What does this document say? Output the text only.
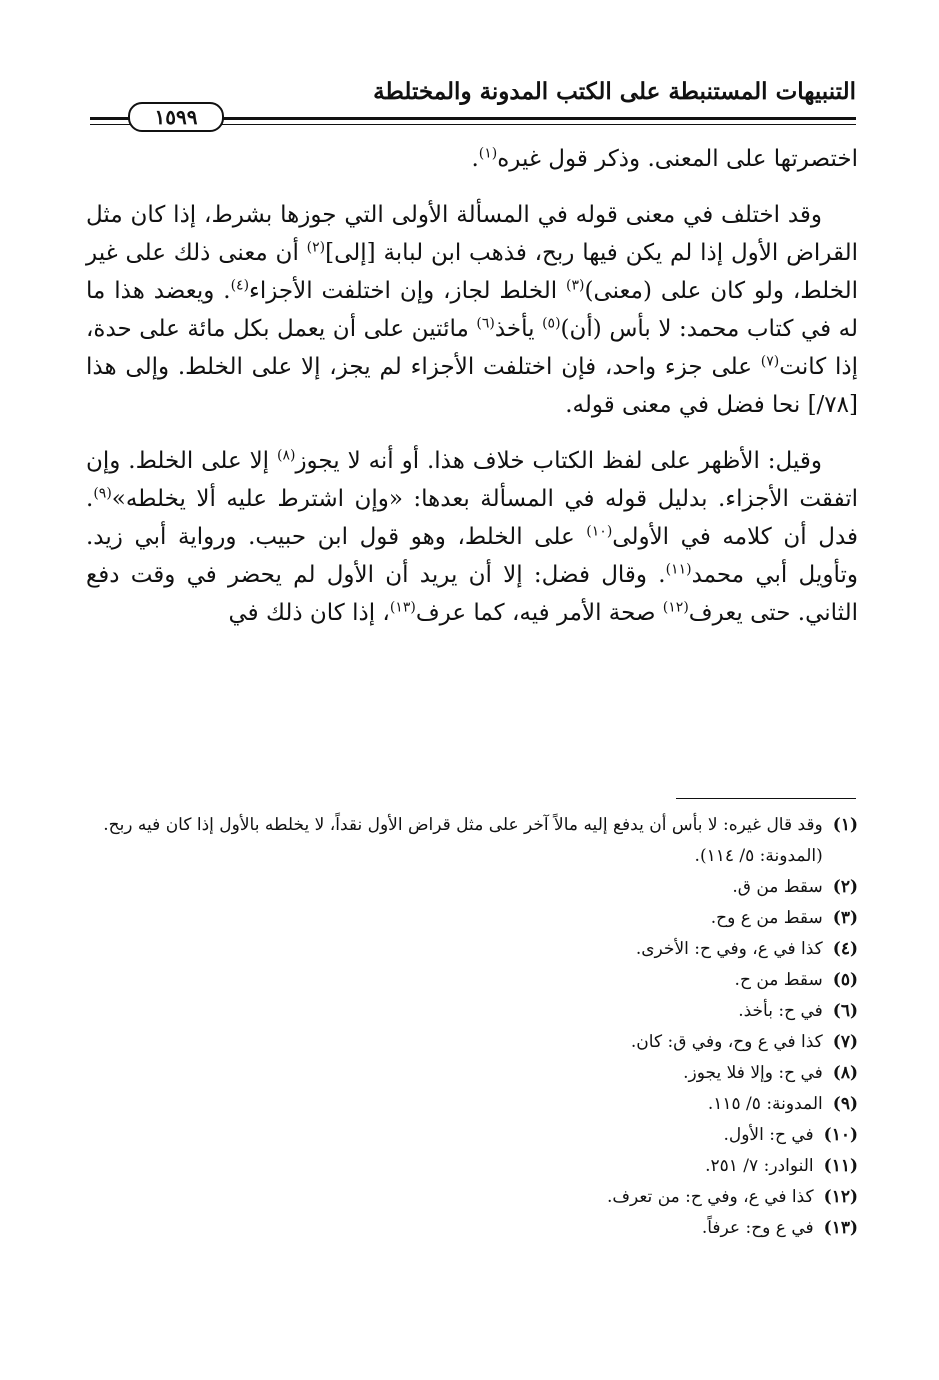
التنبيهات المستنبطة على الكتب المدونة والمختلطة
١٥٩٩

اختصرتها على المعنى. وذكر قول غيره$^{(١)}$.

وقد اختلف في معنى قوله في المسألة الأولى التي جوزها بشرط، إذا كان مثل القراض الأول إذا لم يكن فيها ربح، فذهب ابن لبابة [إلى]$^{(٢)}$ أن معنى ذلك على غير الخلط، ولو كان على (معنى)$^{(٣)}$ الخلط لجاز، وإن اختلفت الأجزاء$^{(٤)}$. ويعضد هذا ما له في كتاب محمد: لا بأس (أن)$^{(٥)}$ يأخذ$^{(٦)}$ مائتين على أن يعمل بكل مائة على حدة، إذا كانت$^{(٧)}$ على جزء واحد، فإن اختلفت الأجزاء لم يجز، إلا على الخلط. وإلى هذا [٧٨/] نحا فضل في معنى قوله.

وقيل: الأظهر على لفظ الكتاب خلاف هذا. أو أنه لا يجوز$^{(٨)}$ إلا على الخلط. وإن اتفقت الأجزاء. بدليل قوله في المسألة بعدها: «وإن اشترط عليه ألا يخلطه»$^{(٩)}$. فدل أن كلامه في الأولى$^{(١٠)}$ على الخلط، وهو قول ابن حبيب. ورواية أبي زيد. وتأويل أبي محمد$^{(١١)}$. وقال فضل: إلا أن يريد أن الأول لم يحضر في وقت دفع الثاني. حتى يعرف$^{(١٢)}$ صحة الأمر فيه، كما عرف$^{(١٣)}$، إذا كان ذلك في

(١)
وقد قال غيره: لا بأس أن يدفع إليه مالاً آخر على مثل قراض الأول نقداً، لا يخلطه بالأول إذا كان فيه ربح. (المدونة: ٥/ ١١٤).
(٢)
سقط من ق.
(٣)
سقط من ع وح.
(٤)
كذا في ع، وفي ح: الأخرى.
(٥)
سقط من ح.
(٦)
في ح: بأخذ.
(٧)
كذا في ع وح، وفي ق: كان.
(٨)
في ح: وإلا فلا يجوز.
(٩)
المدونة: ٥/ ١١٥.
(١٠)
في ح: الأول.
(١١)
النوادر: ٧/ ٢٥١.
(١٢)
كذا في ع، وفي ح: من تعرف.
(١٣)
في ع وح: عرفاً.
